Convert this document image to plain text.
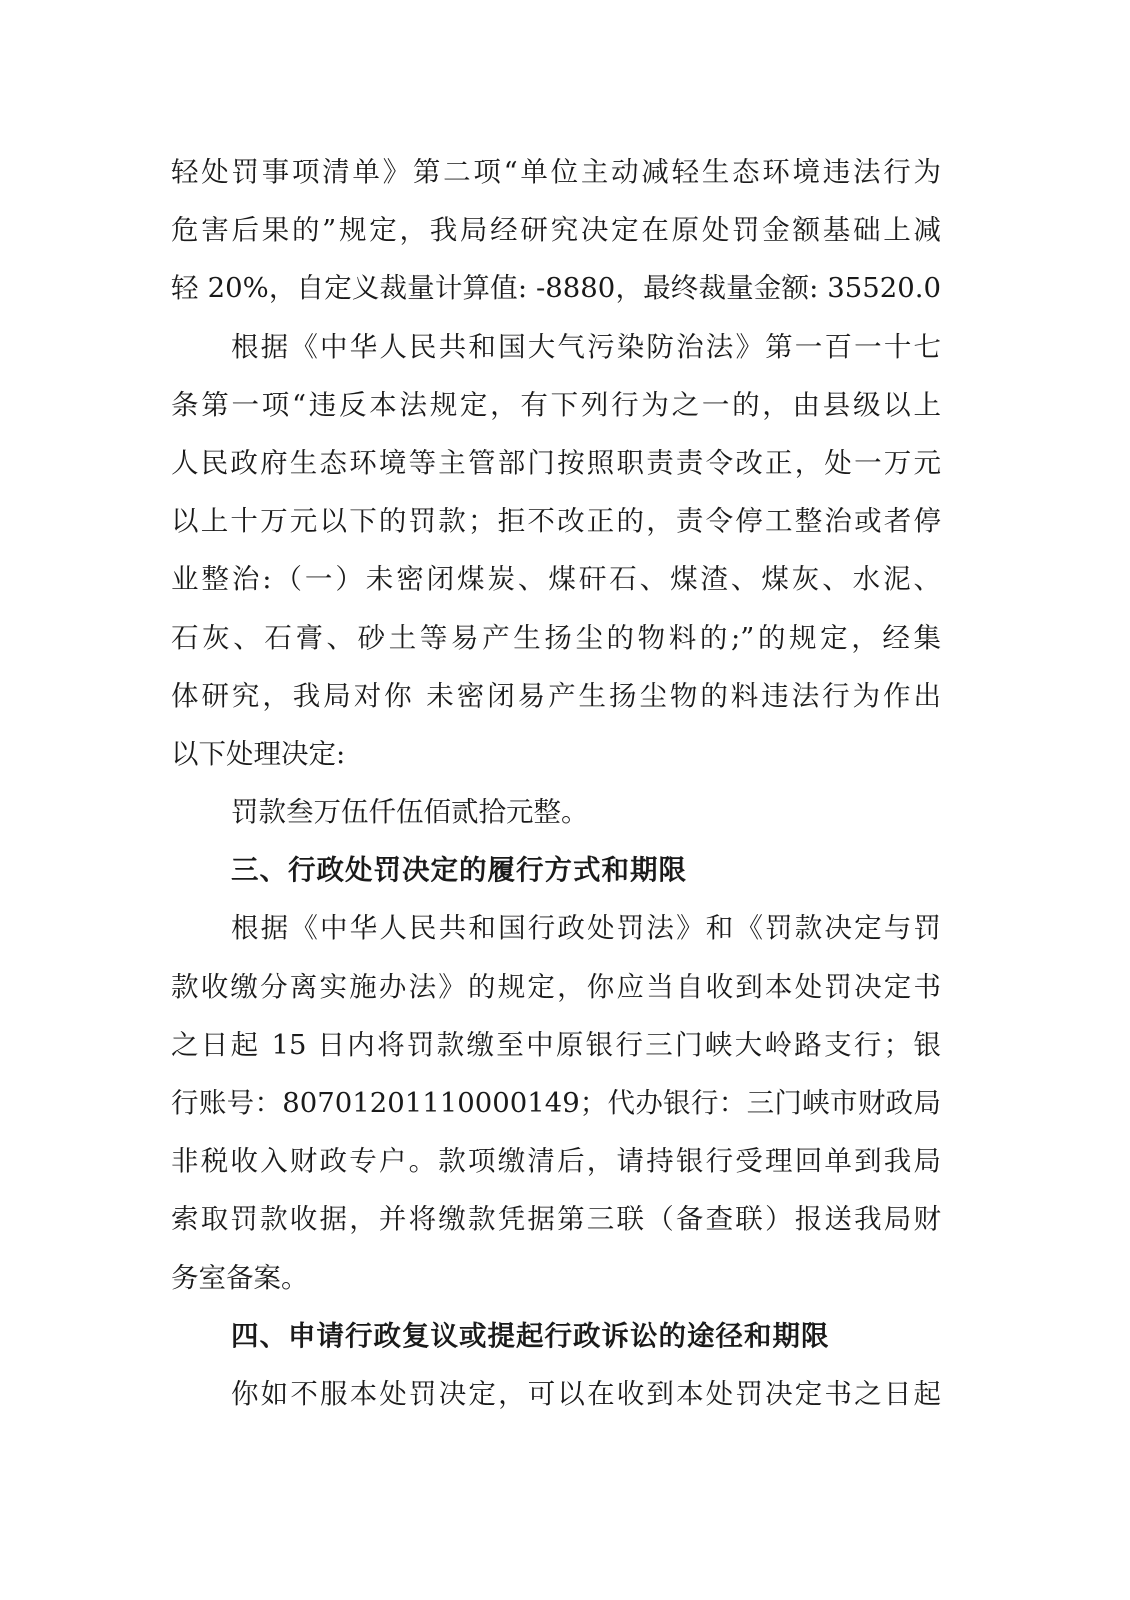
轻处罚事项清单》第二项“单位主动减轻生态环境违法行为
危害后果的”规定，我局经研究决定在原处罚金额基础上减
轻 20%，自定义裁量计算值: -8880，最终裁量金额: 35520.0
根据《中华人民共和国大气污染防治法》第一百一十七
条第一项“违反本法规定，有下列行为之一的，由县级以上
人民政府生态环境等主管部门按照职责责令改正，处一万元
以上十万元以下的罚款；拒不改正的，责令停工整治或者停
业整治:（一）未密闭煤炭、煤矸石、煤渣、煤灰、水泥、
石灰、石膏、砂土等易产生扬尘的物料的;”的规定，经集
体研究，我局对你 未密闭易产生扬尘物的料违法行为作出
以下处理决定:
罚款叁万伍仟伍佰贰拾元整。
三、行政处罚决定的履行方式和期限
根据《中华人民共和国行政处罚法》和《罚款决定与罚
款收缴分离实施办法》的规定，你应当自收到本处罚决定书
之日起 15 日内将罚款缴至中原银行三门峡大岭路支行；银
行账号：80701201110000149；代办银行：三门峡市财政局
非税收入财政专户。款项缴清后，请持银行受理回单到我局
索取罚款收据，并将缴款凭据第三联（备查联）报送我局财
务室备案。
四、申请行政复议或提起行政诉讼的途径和期限
你如不服本处罚决定，可以在收到本处罚决定书之日起
